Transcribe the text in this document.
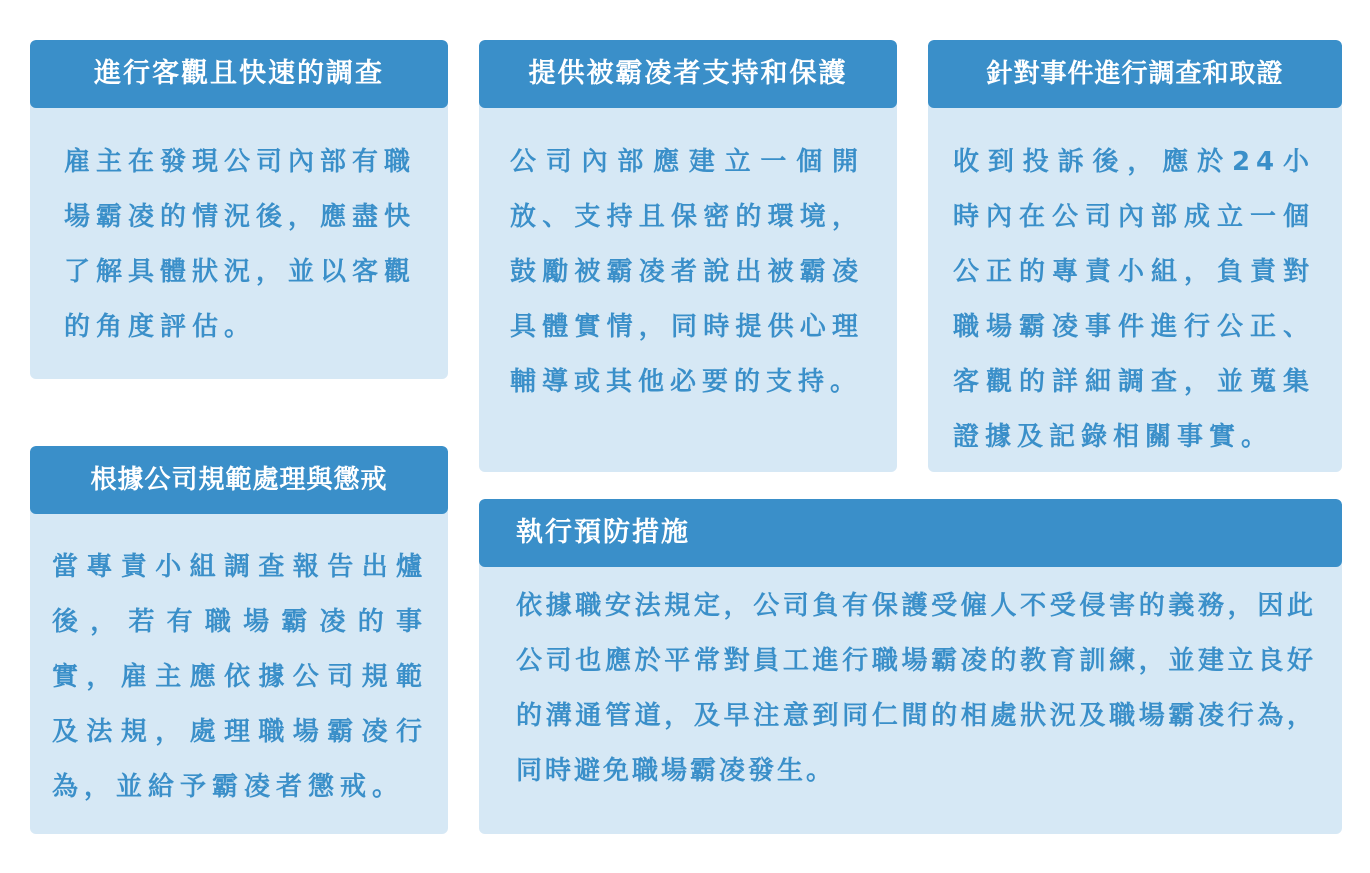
進行客觀且快速的調查
雇主在發現公司內部有職場霸凌的情況後，應盡快了解具體狀況，並以客觀的角度評估。
提供被霸凌者支持和保護
公司內部應建立一個開放、支持且保密的環境，鼓勵被霸凌者說出被霸凌具體實情，同時提供心理輔導或其他必要的支持。
針對事件進行調查和取證
收到投訴後，應於24小時內在公司內部成立一個公正的專責小組，負責對職場霸凌事件進行公正、客觀的詳細調查，並蒐集證據及記錄相關事實。
根據公司規範處理與懲戒
當專責小組調查報告出爐後，若有職場霸凌的事實，雇主應依據公司規範及法規，處理職場霸凌行為，並給予霸凌者懲戒。
執行預防措施
依據職安法規定，公司負有保護受僱人不受侵害的義務，因此公司也應於平常對員工進行職場霸凌的教育訓練，並建立良好的溝通管道，及早注意到同仁間的相處狀況及職場霸凌行為，同時避免職場霸凌發生。
